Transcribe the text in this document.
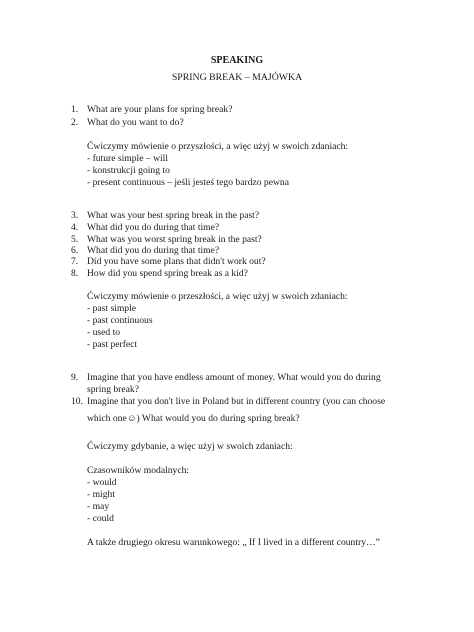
SPEAKING
SPRING BREAK – MAJÓWKA
1. What are your plans for spring break?
2. What do you want to do?
Ćwiczymy mówienie o przyszłości, a więc użyj w swoich zdaniach:
- future simple – will
- konstrukcji going to
- present continuous – jeśli jesteś tego bardzo pewna
3. What was your best spring break in the past?
4. What did you do during that time?
5. What was you worst spring break in the past?
6. What did you do during that time?
7. Did you have some plans that didn't work out?
8. How did you spend spring break as a kid?
Ćwiczymy mówienie o przeszłości, a więc użyj w swoich zdaniach:
- past simple
- past continuous
- used to
- past perfect
9. Imagine that you have endless amount of money. What would you do during
spring break?
10. Imagine that you don't live in Poland but in different country (you can choose
which one☺) What would you do during spring break?
Ćwiczymy gdybanie, a więc użyj w swoich zdaniach:
Czasowników modalnych:
- would
- might
- may
- could
A także drugiego okresu warunkowego: „ If I lived in a different country…”
